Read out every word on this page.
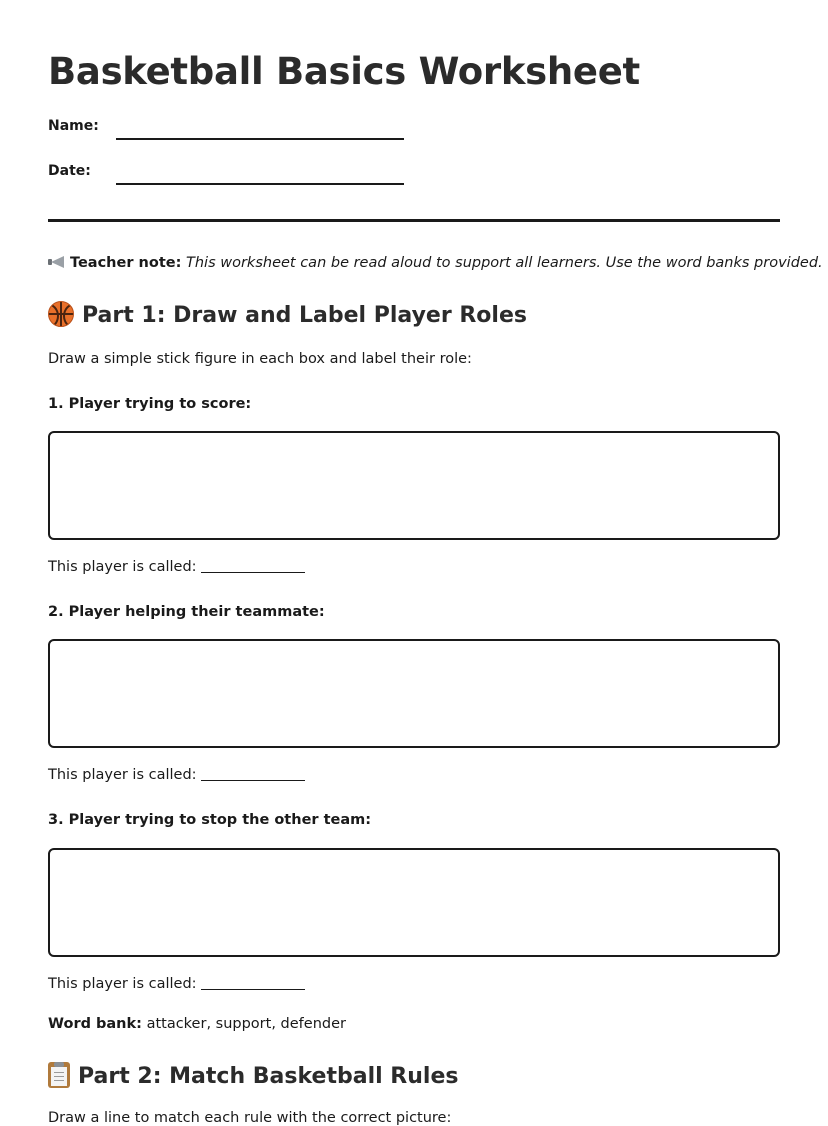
Basketball Basics Worksheet
Name:
Date:
Teacher note: This worksheet can be read aloud to support all learners. Use the word banks provided.
Part 1: Draw and Label Player Roles
Draw a simple stick figure in each box and label their role:
1. Player trying to score:
This player is called:
2. Player helping their teammate:
This player is called:
3. Player trying to stop the other team:
This player is called:
Word bank: attacker, support, defender
Part 2: Match Basketball Rules
Draw a line to match each rule with the correct picture:
